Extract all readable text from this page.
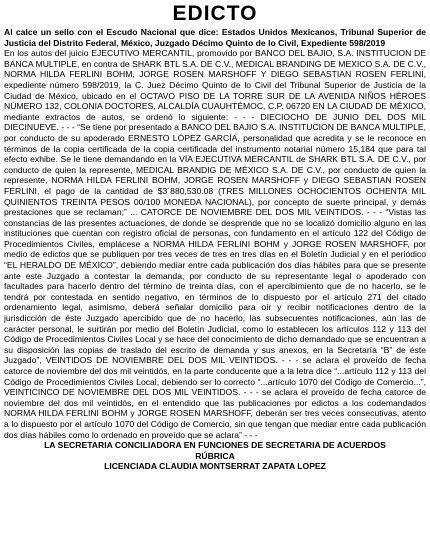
EDICTO

Al calce un sello con el Escudo Nacional que dice: Estados Unidos Mexicanos, Tribunal Superior de Justicia del Distrito Federal, México, Juzgado Décimo Quinto de lo Civil, Expediente 598/2019

En los autos del juicio EJECUTIVO MERCANTIL, promovido por BANCO DEL BAJIO, S.A. INSTITUCION DE BANCA MULTIPLE, en contra de SHARK BTL S.A. DE C.V., MEDICAL BRANDING DE MEXICO S.A. DE C.V., NORMA HILDA FERLINI BOHM, JORGE ROSEN MARSHOFF Y DIEGO SEBASTIAN ROSEN FERLINI, expediente número 598/2019, la C. Juez Décimo Quinto de lo Civil del Tribunal Superior de Justicia de la Ciudad de México, ubicado en el OCTAVO PISO DE LA TORRE SUR DE LA AVENIDA NIÑOS HÉROES NÚMERO 132, COLONIA DOCTORES, ALCALDÍA CUAUHTÉMOC, C.P. 06720 EN LA CIUDAD DE MÉXICO, mediante extractos de autos, se ordenó lo siguiente: - - - DIECIOCHO DE JUNIO DEL DOS MIL DIECINUEVE. - - - “Se tiene por presentado a BANCO DEL BAJIO S.A. INSTITUCION DE BANCA MULTIPLE, por conducto de su apoderado ERNESTO LÓPEZ GARCÍA, personalidad que acredita y se le reconoce en términos de la copia certificada de la copia certificada del instrumento notarial número 15,184 que para tal efecto exhibe. Se le tiene demandando en la VÍA EJECUTIVA MERCANTIL de SHARK BTL S.A. DE C.V., por conducto de quien la represente, MEDICAL BRANDIG DE MÉXICO S.A. DE C.V., por conducto de quien la represente, NORMA HILDA FERLINI BOHM, JORGE ROSEN MARSHOFF y DIEGO SEBASTIAN ROSEN FERLINI, el pago de la cantidad de $3´880,530.08 (TRES MILLONES OCHOCIENTOS OCHENTA MIL QUINIENTOS TREINTA PESOS 00/100 MONEDA NACIONAL), por concepto de suerte principal, y demás prestaciones que se reclaman;” ... CATORCE DE NOVIEMBRE DEL DOS MIL VEINTIDOS. - - - “Vistas las constancias de las presentes actuaciones, de donde se desprende que no se localizó domicilio alguno en las instituciones que cuentan con registro oficial de personas, con fundamento en el artículo 122 del Código de Procedimientos Civiles, emplácese a NORMA HILDA FERLINI BOHM y JORGE ROSEN MARSHOFF, por medio de edictos que se publiquen por tres veces de tres en tres días en el Boletín Judicial y en el periódico “EL HERALDO DE MÉXICO”, debiendo mediar entre cada publicación dos días hábiles para que se presente ante este Juzgado a contestar la demanda, por conducto de su representante legal o apoderado con facultades para hacerlo dentro del término de treinta días, con el apercibimiento que de no hacerlo, se le tendrá por contestada en sentido negativo, en términos de lo dispuesto por el artículo 271 del citado ordenamiento legal, asimismo, deberá señalar domicilio para oír y recibir notificaciones dentro de la jurisdicción de éste Juzgado apercibido que de no hacerlo, las subsecuentes notificaciones, aún las de carácter personal, le surtirán por medio del Boletín Judicial, como lo establecen los artículos 112 y 113 del Código de Procedimientos Civiles Local y se hace del conocimiento de dicho demandado que se encuentran a su disposición las copias de traslado del escrito de demanda y sus anexos, en la Secretaría “B” de éste Juzgado”, VEINTIDOS DE NOVIEMBRE DEL DOS MIL VEINTIDOS. - - - se aclara el proveído de fecha catorce de noviembre del dos mil veintidós, en la parte conducente que a la letra dice “...artículo 112 y 113 del Código de Procedimientos Civiles Local, debiendo ser lo correcto “...artículo 1070 del Código de Comercio...”, VEINTICINCO DE NOVIEMBRE DEL DOS MIL VEINTIDOS. - - - se aclara el proveído de fecha catorce de noviembre del dos mil veintidós, en el entendido que las publicaciones por edictos a los codemandados NORMA HILDA FERLINI BOHM y JORGE ROSEN MARSHOFF, deberán ser tres veces consecutivas, atento a lo dispuesto por el artículo 1070 del Código de Comercio, sin que tengan que mediar entre cada publicación dos días hábiles como lo ordenado en proveído que se aclara” - - -

LA SECRETARIA CONCILIADORA EN FUNCIONES DE SECRETARIA DE ACUERDOS
RÚBRICA
LICENCIADA CLAUDIA MONTSERRAT ZAPATA LOPEZ
